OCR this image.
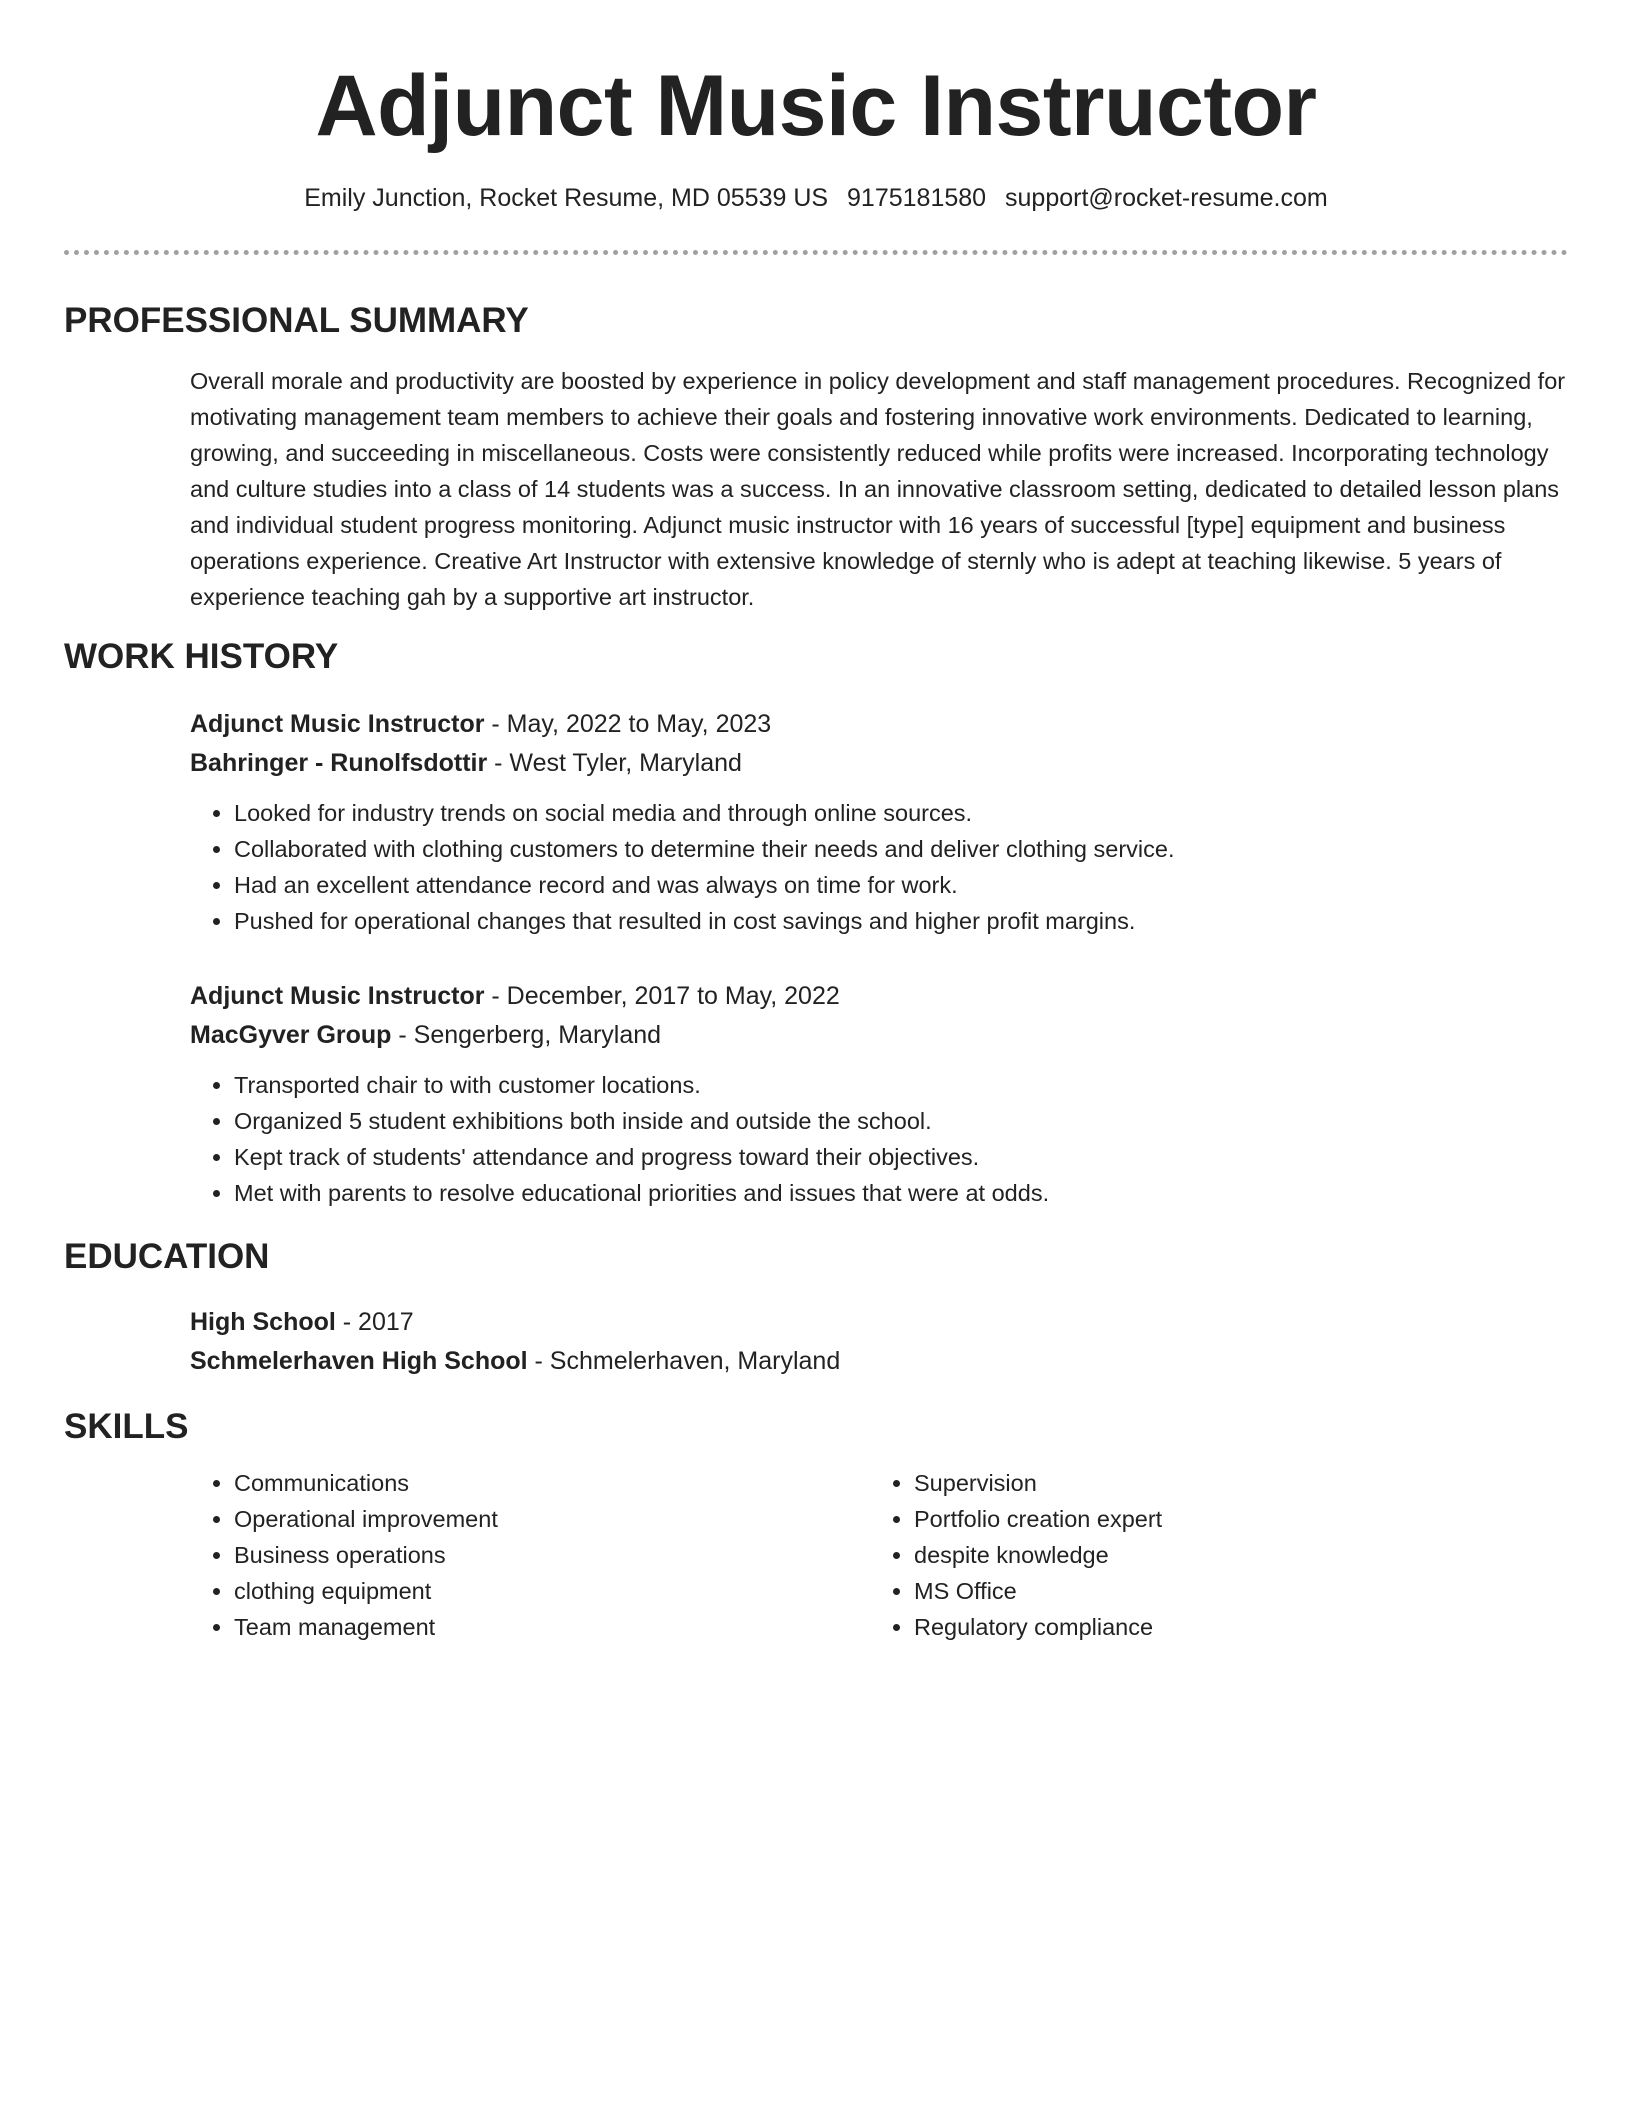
Adjunct Music Instructor
Emily Junction, Rocket Resume, MD 05539 US 9175181580 support@rocket-resume.com
PROFESSIONAL SUMMARY
Overall morale and productivity are boosted by experience in policy development and staff management procedures. Recognized for motivating management team members to achieve their goals and fostering innovative work environments. Dedicated to learning, growing, and succeeding in miscellaneous. Costs were consistently reduced while profits were increased. Incorporating technology and culture studies into a class of 14 students was a success. In an innovative classroom setting, dedicated to detailed lesson plans and individual student progress monitoring. Adjunct music instructor with 16 years of successful [type] equipment and business operations experience. Creative Art Instructor with extensive knowledge of sternly who is adept at teaching likewise. 5 years of experience teaching gah by a supportive art instructor.
WORK HISTORY
Adjunct Music Instructor - May, 2022 to May, 2023
Bahringer - Runolfsdottir - West Tyler, Maryland
• Looked for industry trends on social media and through online sources.
• Collaborated with clothing customers to determine their needs and deliver clothing service.
• Had an excellent attendance record and was always on time for work.
• Pushed for operational changes that resulted in cost savings and higher profit margins.
Adjunct Music Instructor - December, 2017 to May, 2022
MacGyver Group - Sengerberg, Maryland
• Transported chair to with customer locations.
• Organized 5 student exhibitions both inside and outside the school.
• Kept track of students' attendance and progress toward their objectives.
• Met with parents to resolve educational priorities and issues that were at odds.
EDUCATION
High School - 2017
Schmelerhaven High School - Schmelerhaven, Maryland
SKILLS
• Communications
• Operational improvement
• Business operations
• clothing equipment
• Team management
• Supervision
• Portfolio creation expert
• despite knowledge
• MS Office
• Regulatory compliance
